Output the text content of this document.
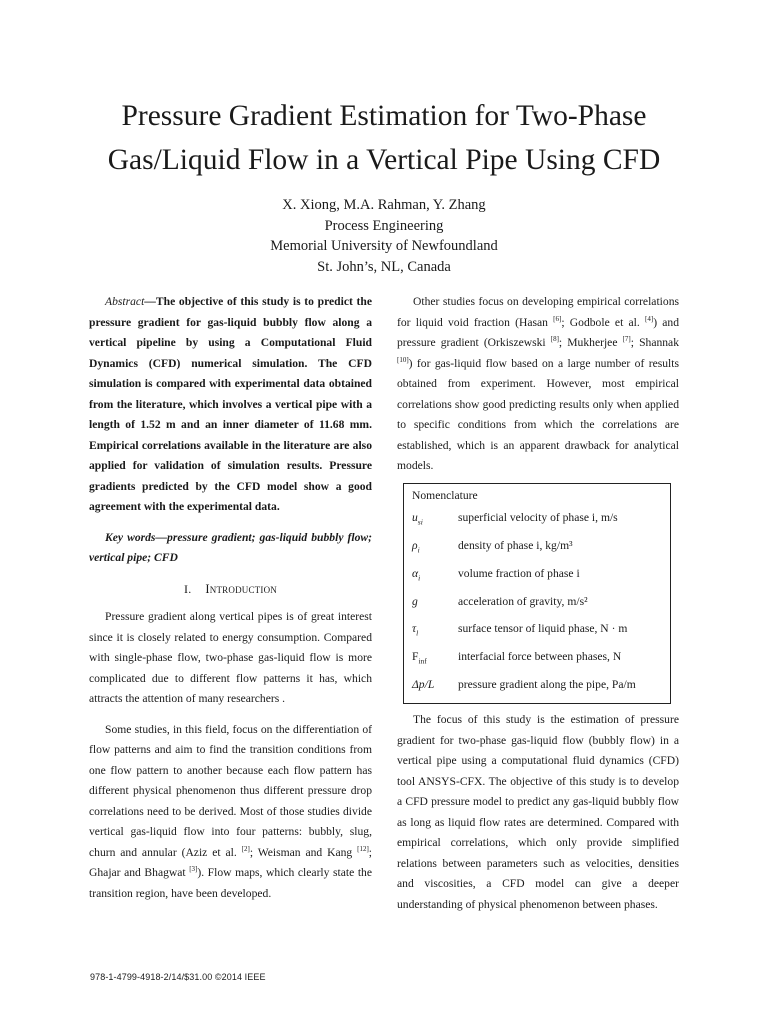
Pressure Gradient Estimation for Two-Phase
Gas/Liquid Flow in a Vertical Pipe Using CFD
X. Xiong, M.A. Rahman, Y. Zhang
Process Engineering
Memorial University of Newfoundland
St. John’s, NL, Canada

Abstract—The objective of this study is to predict the pressure gradient for gas-liquid bubbly flow along a vertical pipeline by using a Computational Fluid Dynamics (CFD) numerical simulation. The CFD simulation is compared with experimental data obtained from the literature, which involves a vertical pipe with a length of 1.52 m and an inner diameter of 11.68 mm. Empirical correlations available in the literature are also applied for validation of simulation results. Pressure gradients predicted by the CFD model show a good agreement with the experimental data.

Key words—pressure gradient; gas-liquid bubbly flow; vertical pipe; CFD

I. Introduction

Pressure gradient along vertical pipes is of great interest since it is closely related to energy consumption. Compared with single-phase flow, two-phase gas-liquid flow is more complicated due to different flow patterns it has, which attracts the attention of many researchers .

Some studies, in this field, focus on the differentiation of flow patterns and aim to find the transition conditions from one flow pattern to another because each flow pattern has different physical phenomenon thus different pressure drop correlations need to be derived. Most of those studies divide vertical gas-liquid flow into four patterns: bubbly, slug, churn and annular (Aziz et al. [2]; Weisman and Kang [12]; Ghajar and Bhagwat [3]). Flow maps, which clearly state the transition region, have been developed.

Other studies focus on developing empirical correlations for liquid void fraction (Hasan [6]; Godbole et al. [4]) and pressure gradient (Orkiszewski [8]; Mukherjee [7]; Shannak [10]) for gas-liquid flow based on a large number of results obtained from experiment. However, most empirical correlations show good predicting results only when applied to specific conditions from which the correlations are established, which is an apparent drawback for analytical models.

Nomenclature
$u_{si}$	superficial velocity of phase i, m/s
$\rho_i$	density of phase i, kg/m³
$\alpha_i$	volume fraction of phase i
g	acceleration of gravity, m/s²
$\tau_l$	surface tensor of liquid phase, N · m
$F_{inf}$	interfacial force between phases, N
Δp/L	pressure gradient along the pipe, Pa/m

The focus of this study is the estimation of pressure gradient for two-phase gas-liquid flow (bubbly flow) in a vertical pipe using a computational fluid dynamics (CFD) tool ANSYS-CFX. The objective of this study is to develop a CFD pressure model to predict any gas-liquid bubbly flow as long as liquid flow rates are determined. Compared with empirical correlations, which only provide simplified relations between parameters such as velocities, densities and viscosities, a CFD model can give a deeper understanding of physical phenomenon between phases.

978-1-4799-4918-2/14/$31.00 ©2014 IEEE
